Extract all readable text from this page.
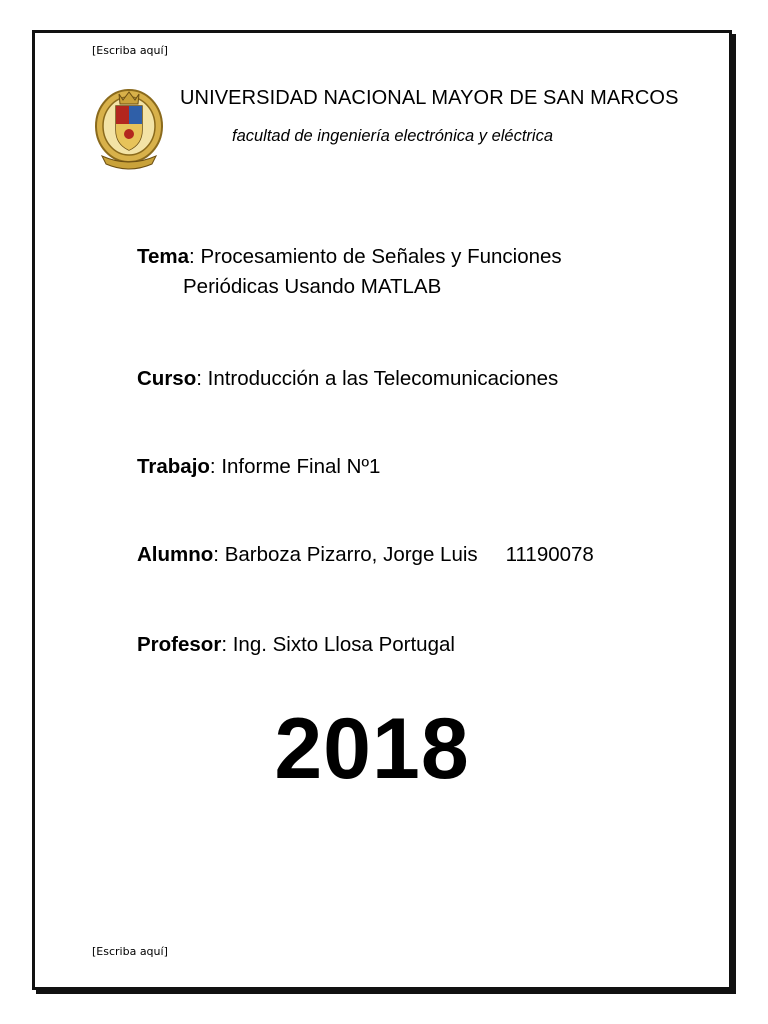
[Escriba aquí]
UNIVERSIDAD NACIONAL MAYOR DE SAN MARCOS
facultad de ingeniería electrónica y eléctrica
Tema: Procesamiento de Señales y Funciones
Periódicas Usando MATLAB
Curso: Introducción a las Telecomunicaciones
Trabajo: Informe Final Nº1
Alumno: Barboza Pizarro, Jorge Luis 11190078
Profesor: Ing. Sixto Llosa Portugal
2018
[Escriba aquí]
